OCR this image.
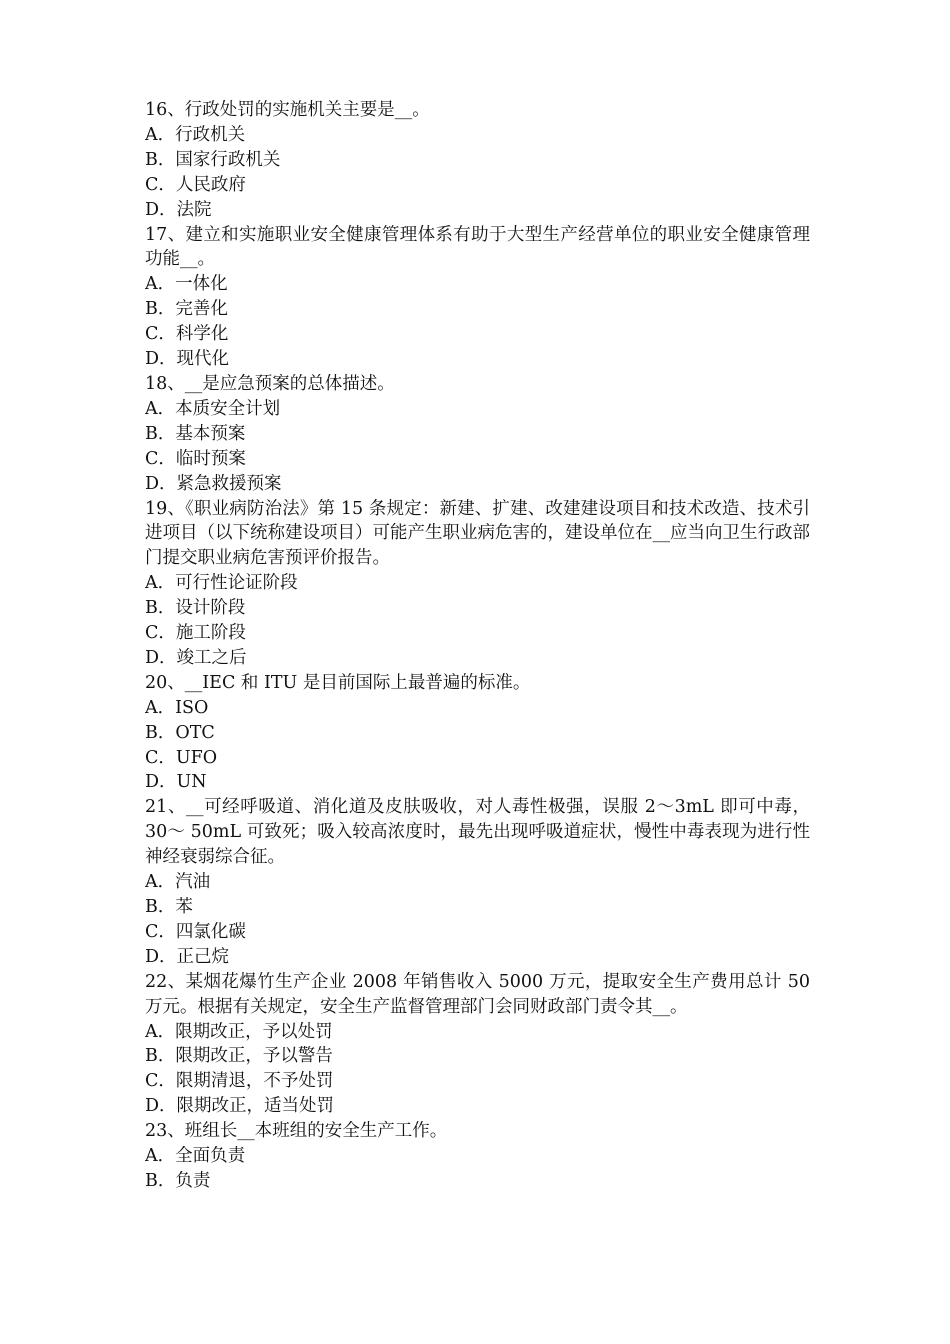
16、行政处罚的实施机关主要是__。
A．行政机关
B．国家行政机关
C．人民政府
D．法院
17、建立和实施职业安全健康管理体系有助于大型生产经营单位的职业安全健康管理功能__。
A．一体化
B．完善化
C．科学化
D．现代化
18、__是应急预案的总体描述。
A．本质安全计划
B．基本预案
C．临时预案
D．紧急救援预案
19、《职业病防治法》第 15 条规定：新建、扩建、改建建设项目和技术改造、技术引进项目（以下统称建设项目）可能产生职业病危害的，建设单位在__应当向卫生行政部门提交职业病危害预评价报告。
A．可行性论证阶段
B．设计阶段
C．施工阶段
D．竣工之后
20、__IEC 和 ITU 是目前国际上最普遍的标准。
A．ISO
B．OTC
C．UFO
D．UN
21、__可经呼吸道、消化道及皮肤吸收，对人毒性极强，误服 2～3mL 即可中毒，30～ 50mL 可致死；吸入较高浓度时，最先出现呼吸道症状，慢性中毒表现为进行性神经衰弱综合征。
A．汽油
B．苯
C．四氯化碳
D．正己烷
22、某烟花爆竹生产企业 2008 年销售收入 5000 万元，提取安全生产费用总计 50 万元。根据有关规定，安全生产监督管理部门会同财政部门责令其__。
A．限期改正，予以处罚
B．限期改正，予以警告
C．限期清退，不予处罚
D．限期改正，适当处罚
23、班组长__本班组的安全生产工作。
A．全面负责
B．负责
